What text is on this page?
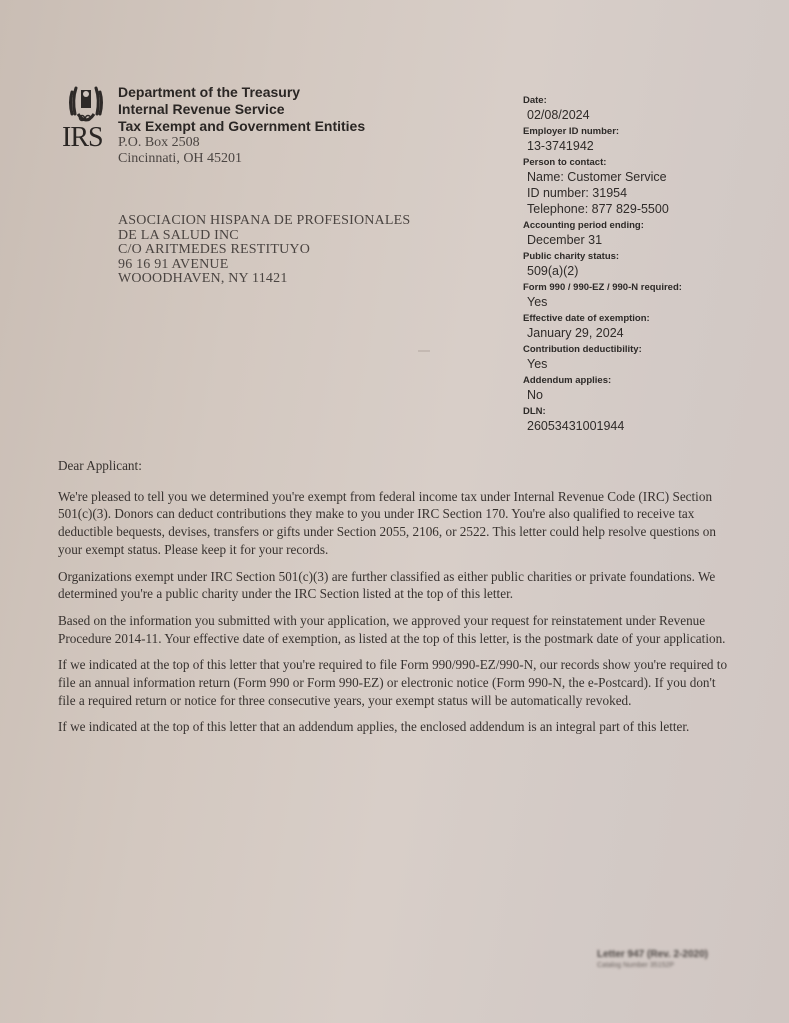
IRS
Department of the Treasury
Internal Revenue Service
Tax Exempt and Government Entities
P.O. Box 2508
Cincinnati, OH 45201
ASOCIACION HISPANA DE PROFESIONALES
DE LA SALUD INC
C/O ARITMEDES RESTITUYO
96 16 91 AVENUE
WOOODHAVEN, NY 11421
Date:
02/08/2024
Employer ID number:
13-3741942
Person to contact:
Name: Customer Service
ID number: 31954
Telephone: 877 829-5500
Accounting period ending:
December 31
Public charity status:
509(a)(2)
Form 990 / 990-EZ / 990-N required:
Yes
Effective date of exemption:
January 29, 2024
Contribution deductibility:
Yes
Addendum applies:
No
DLN:
26053431001944

Dear Applicant:

We're pleased to tell you we determined you're exempt from federal income tax under Internal Revenue Code (IRC) Section 501(c)(3). Donors can deduct contributions they make to you under IRC Section 170. You're also qualified to receive tax deductible bequests, devises, transfers or gifts under Section 2055, 2106, or 2522. This letter could help resolve questions on your exempt status. Please keep it for your records.

Organizations exempt under IRC Section 501(c)(3) are further classified as either public charities or private foundations. We determined you're a public charity under the IRC Section listed at the top of this letter.

Based on the information you submitted with your application, we approved your request for reinstatement under Revenue Procedure 2014-11. Your effective date of exemption, as listed at the top of this letter, is the postmark date of your application.

If we indicated at the top of this letter that you're required to file Form 990/990-EZ/990-N, our records show you're required to file an annual information return (Form 990 or Form 990-EZ) or electronic notice (Form 990-N, the e-Postcard). If you don't file a required return or notice for three consecutive years, your exempt status will be automatically revoked.

If we indicated at the top of this letter that an addendum applies, the enclosed addendum is an integral part of this letter.

Letter 947 (Rev. 2-2020)
Catalog Number 35152P
